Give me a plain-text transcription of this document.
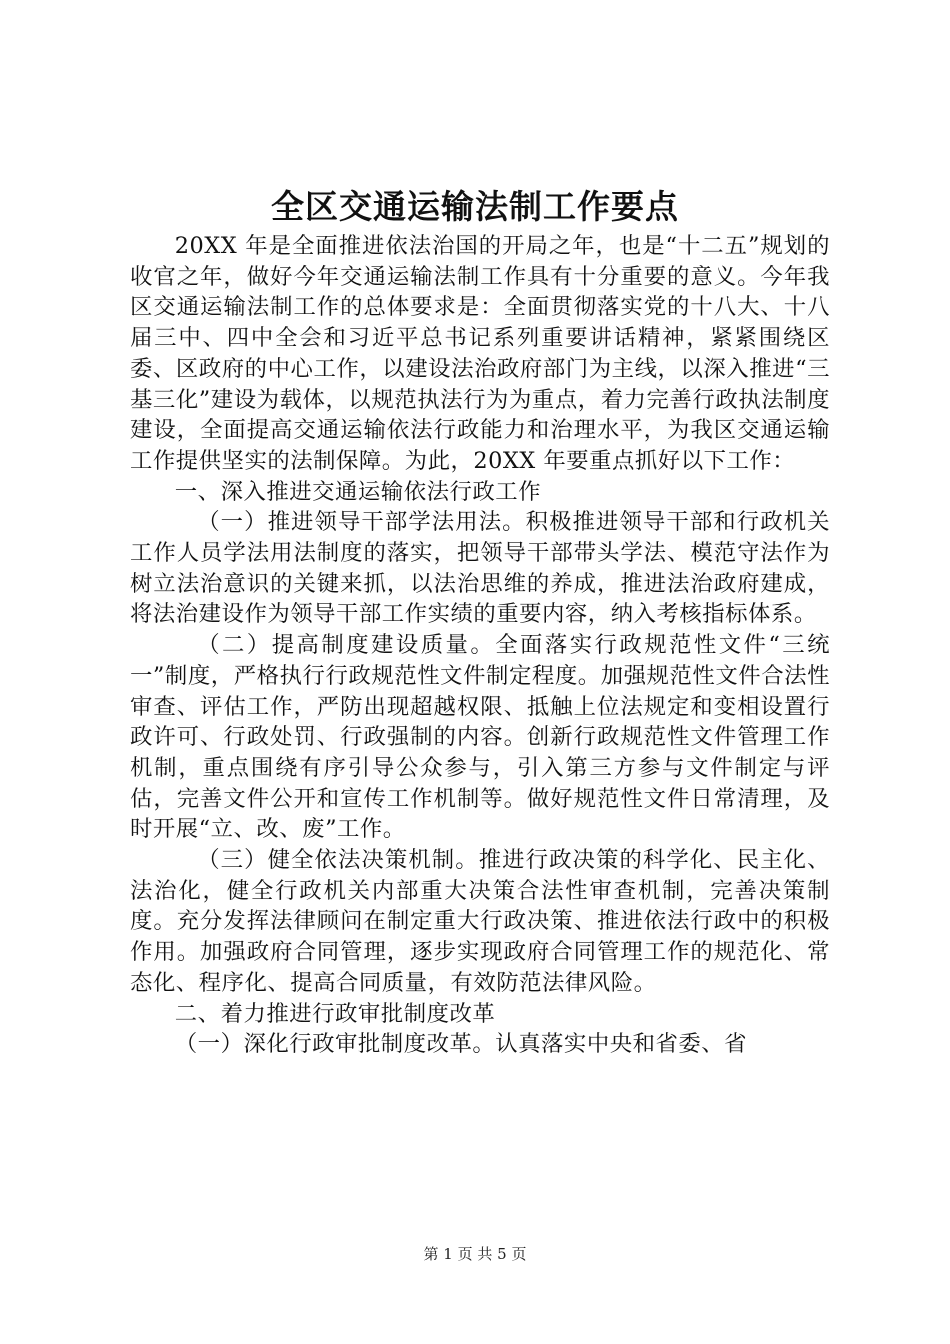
全区交通运输法制工作要点

20XX 年是全面推进依法治国的开局之年，也是“十二五”规划的收官之年，做好今年交通运输法制工作具有十分重要的意义。今年我区交通运输法制工作的总体要求是：全面贯彻落实党的十八大、十八届三中、四中全会和习近平总书记系列重要讲话精神，紧紧围绕区委、区政府的中心工作，以建设法治政府部门为主线，以深入推进“三基三化”建设为载体，以规范执法行为为重点，着力完善行政执法制度建设，全面提高交通运输依法行政能力和治理水平，为我区交通运输工作提供坚实的法制保障。为此，20XX 年要重点抓好以下工作：

一、深入推进交通运输依法行政工作

（一）推进领导干部学法用法。积极推进领导干部和行政机关工作人员学法用法制度的落实，把领导干部带头学法、模范守法作为树立法治意识的关键来抓，以法治思维的养成，推进法治政府建成，将法治建设作为领导干部工作实绩的重要内容，纳入考核指标体系。

（二）提高制度建设质量。全面落实行政规范性文件“三统一”制度，严格执行行政规范性文件制定程度。加强规范性文件合法性审查、评估工作，严防出现超越权限、抵触上位法规定和变相设置行政许可、行政处罚、行政强制的内容。创新行政规范性文件管理工作机制，重点围绕有序引导公众参与，引入第三方参与文件制定与评估，完善文件公开和宣传工作机制等。做好规范性文件日常清理，及时开展“立、改、废”工作。

（三）健全依法决策机制。推进行政决策的科学化、民主化、法治化，健全行政机关内部重大决策合法性审查机制，完善决策制度。充分发挥法律顾问在制定重大行政决策、推进依法行政中的积极作用。加强政府合同管理，逐步实现政府合同管理工作的规范化、常态化、程序化、提高合同质量，有效防范法律风险。

二、着力推进行政审批制度改革

（一）深化行政审批制度改革。认真落实中央和省委、省

第 1 页 共 5 页
